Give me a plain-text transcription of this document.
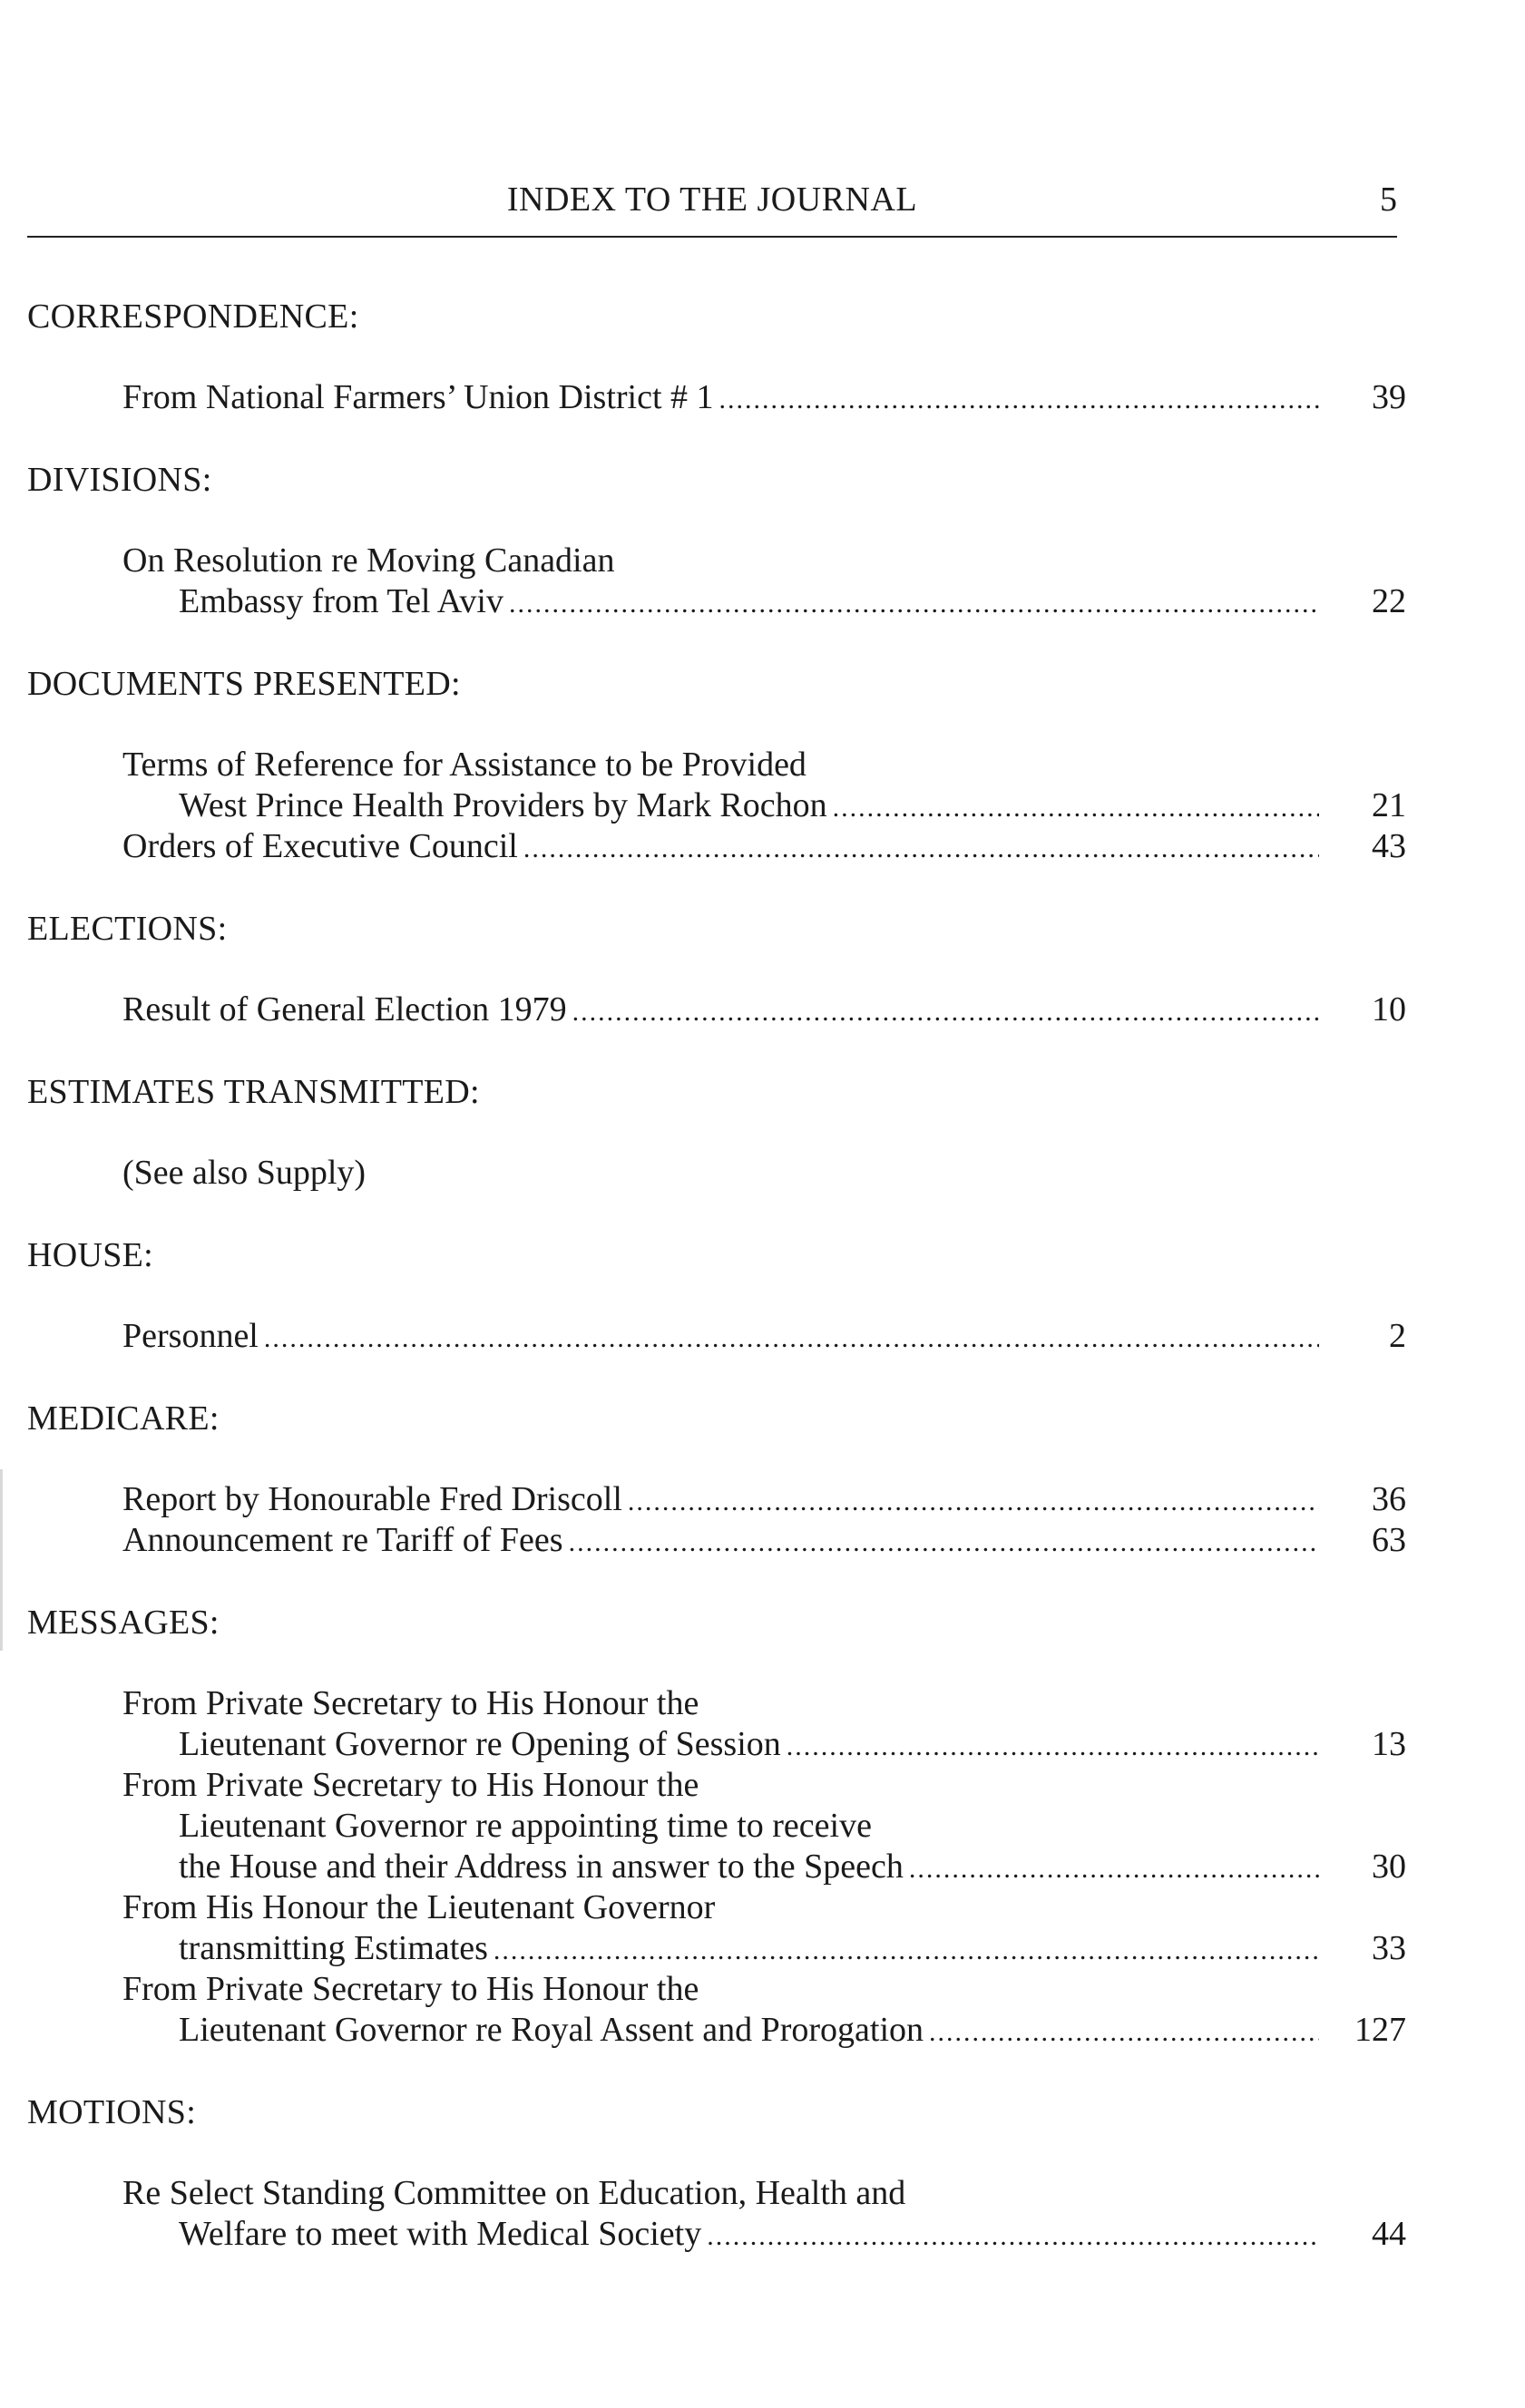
INDEX TO THE JOURNAL	5
CORRESPONDENCE:
From National Farmers’ Union District # 1 .....	39
DIVISIONS:
On Resolution re Moving Canadian
Embassy from Tel Aviv .....	22
DOCUMENTS PRESENTED:
Terms of Reference for Assistance to be Provided
West Prince Health Providers by Mark Rochon .....	21
Orders of Executive Council .....	43
ELECTIONS:
Result of General Election 1979 .....	10
ESTIMATES TRANSMITTED:
(See also Supply)
HOUSE:
Personnel .....	2
MEDICARE:
Report by Honourable Fred Driscoll .....	36
Announcement re Tariff of Fees .....	63
MESSAGES:
From Private Secretary to His Honour the
Lieutenant Governor re Opening of Session .....	13
From Private Secretary to His Honour the
Lieutenant Governor re appointing time to receive
the House and their Address in answer to the Speech .....	30
From His Honour the Lieutenant Governor
transmitting Estimates .....	33
From Private Secretary to His Honour the
Lieutenant Governor re Royal Assent and Prorogation .....	127
MOTIONS:
Re Select Standing Committee on Education, Health and
Welfare to meet with Medical Society .....	44
